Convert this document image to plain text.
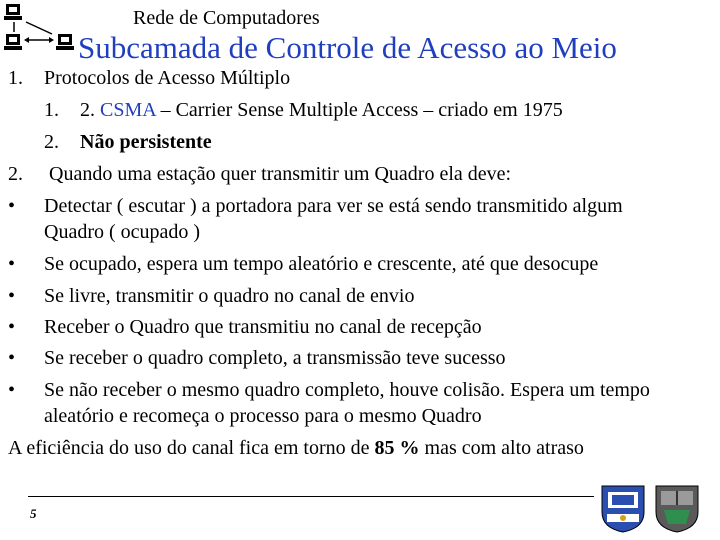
Rede de Computadores
Subcamada de Controle de Acesso ao Meio
1. Protocolos de Acesso Múltiplo
1. 2. CSMA – Carrier Sense Multiple Access – criado em 1975
2. Não persistente
2. Quando uma estação quer transmitir um Quadro ela deve:
• Detectar ( escutar ) a portadora para ver se está sendo transmitido algum
Quadro ( ocupado )
• Se ocupado, espera um tempo aleatório e crescente, até que desocupe
• Se livre, transmitir o quadro no canal de envio
• Receber o Quadro que transmitiu no canal de recepção
• Se receber o quadro completo, a transmissão teve sucesso
• Se não receber o mesmo quadro completo, houve colisão. Espera um tempo
aleatório e recomeça o processo para o mesmo Quadro
A eficiência do uso do canal fica em torno de 85 % mas com alto atraso
5
